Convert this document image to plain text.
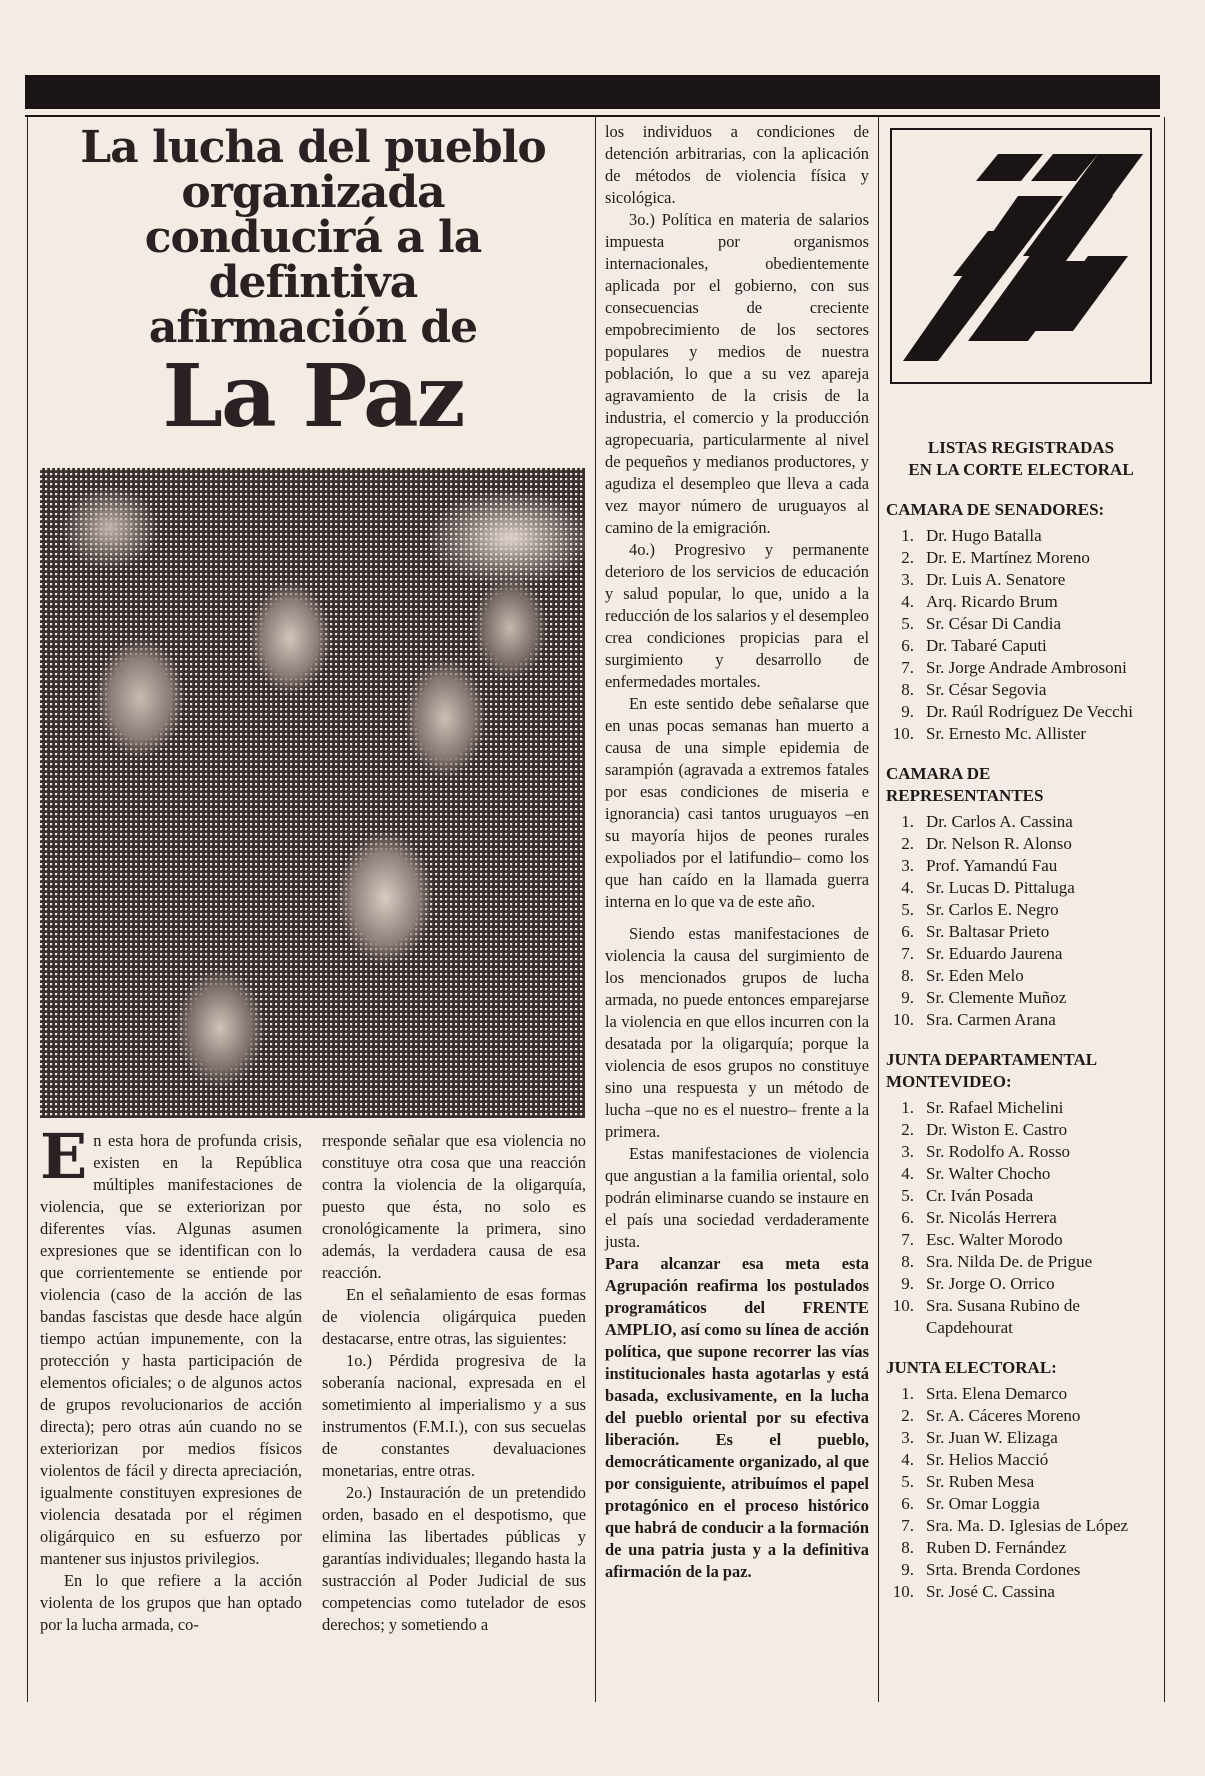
La lucha del pueblo
organizada
conducirá a la
defintiva
afirmación de
La Paz

En esta hora de profunda crisis, existen en la República múltiples manifestaciones de violencia, que se exteriorizan por diferentes vías. Algunas asumen expresiones que se identifican con lo que corrientemente se entiende por violencia (caso de la acción de las bandas fascistas que desde hace algún tiempo actúan impunemente, con la protección y hasta participación de elementos oficiales; o de algunos actos de grupos revolucionarios de acción directa); pero otras aún cuando no se exteriorizan por medios físicos violentos de fácil y directa apreciación, igualmente constituyen expresiones de violencia desatada por el régimen oligárquico en su esfuerzo por mantener sus injustos privilegios.

En lo que refiere a la acción violenta de los grupos que han optado por la lucha armada, co-

rresponde señalar que esa violencia no constituye otra cosa que una reacción contra la violencia de la oligarquía, puesto que ésta, no solo es cronológicamente la primera, sino además, la verdadera causa de esa reacción.

En el señalamiento de esas formas de violencia oligárquica pueden destacarse, entre otras, las siguientes:

1o.) Pérdida progresiva de la soberanía nacional, expresada en el sometimiento al imperialismo y a sus instrumentos (F.M.I.), con sus secuelas de constantes devaluaciones monetarias, entre otras.

2o.) Instauración de un pretendido orden, basado en el despotismo, que elimina las libertades públicas y garantías individuales; llegando hasta la sustracción al Poder Judicial de sus competencias como tutelador de esos derechos; y sometiendo a

los individuos a condiciones de detención arbitrarias, con la aplicación de métodos de violencia física y sicológica.

3o.) Política en materia de salarios impuesta por organismos internacionales, obedientemente aplicada por el gobierno, con sus consecuencias de creciente empobrecimiento de los sectores populares y medios de nuestra población, lo que a su vez apareja agravamiento de la crisis de la industria, el comercio y la producción agropecuaria, particularmente al nivel de pequeños y medianos productores, y agudiza el desempleo que lleva a cada vez mayor número de uruguayos al camino de la emigración.

4o.) Progresivo y permanente deterioro de los servicios de educación y salud popular, lo que, unido a la reducción de los salarios y el desempleo crea condiciones propicias para el surgimiento y desarrollo de enfermedades mortales.

En este sentido debe señalarse que en unas pocas semanas han muerto a causa de una simple epidemia de sarampión (agravada a extremos fatales por esas condiciones de miseria e ignorancia) casi tantos uruguayos –en su mayoría hijos de peones rurales expoliados por el latifundio– como los que han caído en la llamada guerra interna en lo que va de este año.

Siendo estas manifestaciones de violencia la causa del surgimiento de los mencionados grupos de lucha armada, no puede entonces emparejarse la violencia en que ellos incurren con la desatada por la oligarquía; porque la violencia de esos grupos no constituye sino una respuesta y un método de lucha –que no es el nuestro– frente a la primera.

Estas manifestaciones de violencia que angustian a la familia oriental, solo podrán eliminarse cuando se instaure en el país una sociedad verdaderamente justa.

Para alcanzar esa meta esta Agrupación reafirma los postulados programáticos del FRENTE AMPLIO, así como su línea de acción política, que supone recorrer las vías institucionales hasta agotarlas y está basada, exclusivamente, en la lucha del pueblo oriental por su efectiva liberación. Es el pueblo, democráticamente organizado, al que por consiguiente, atribuímos el papel protagónico en el proceso histórico que habrá de conducir a la formación de una patria justa y a la definitiva afirmación de la paz.

99
LISTAS REGISTRADAS
EN LA CORTE ELECTORAL
CAMARA DE SENADORES:
1. Dr. Hugo Batalla
2. Dr. E. Martínez Moreno
3. Dr. Luis A. Senatore
4. Arq. Ricardo Brum
5. Sr. César Di Candia
6. Dr. Tabaré Caputi
7. Sr. Jorge Andrade Ambrosoni
8. Sr. César Segovia
9. Dr. Raúl Rodríguez De Vecchi
10. Sr. Ernesto Mc. Allister
CAMARA DE
REPRESENTANTES
1. Dr. Carlos A. Cassina
2. Dr. Nelson R. Alonso
3. Prof. Yamandú Fau
4. Sr. Lucas D. Pittaluga
5. Sr. Carlos E. Negro
6. Sr. Baltasar Prieto
7. Sr. Eduardo Jaurena
8. Sr. Eden Melo
9. Sr. Clemente Muñoz
10. Sra. Carmen Arana
JUNTA DEPARTAMENTAL
MONTEVIDEO:
1. Sr. Rafael Michelini
2. Dr. Wiston E. Castro
3. Sr. Rodolfo A. Rosso
4. Sr. Walter Chocho
5. Cr. Iván Posada
6. Sr. Nicolás Herrera
7. Esc. Walter Morodo
8. Sra. Nilda De. de Prigue
9. Sr. Jorge O. Orrico
10. Sra. Susana Rubino de Capdehourat
JUNTA ELECTORAL:
1. Srta. Elena Demarco
2. Sr. A. Cáceres Moreno
3. Sr. Juan W. Elizaga
4. Sr. Helios Macció
5. Sr. Ruben Mesa
6. Sr. Omar Loggia
7. Sra. Ma. D. Iglesias de López
8. Ruben D. Fernández
9. Srta. Brenda Cordones
10. Sr. José C. Cassina
